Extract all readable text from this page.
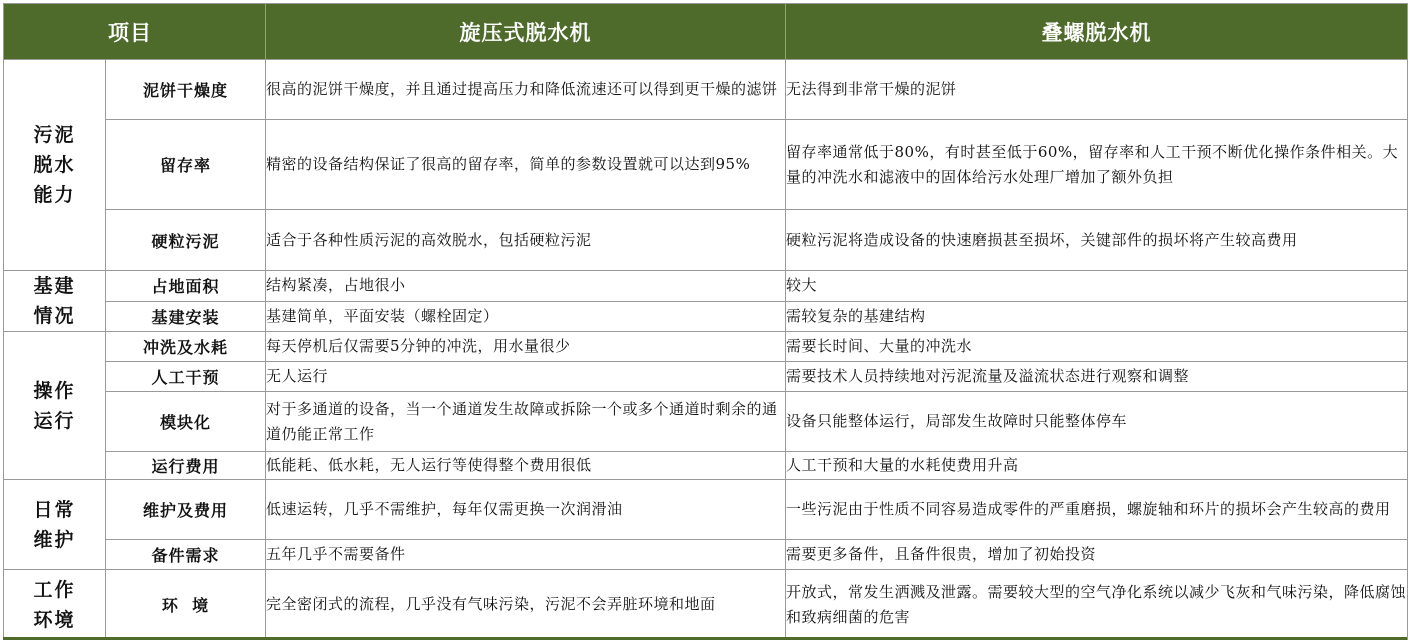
项目		旋压式脱水机	叠螺脱水机

污泥脱水能力	泥饼干燥度	很高的泥饼干燥度，并且通过提高压力和降低流速还可以得到更干燥的滤饼	无法得到非常干燥的泥饼
	留存率	精密的设备结构保证了很高的留存率，简单的参数设置就可以达到95%	留存率通常低于80%，有时甚至低于60%，留存率和人工干预不断优化操作条件相关。大量的冲洗水和滤液中的固体给污水处理厂增加了额外负担
	硬粒污泥	适合于各种性质污泥的高效脱水，包括硬粒污泥	硬粒污泥将造成设备的快速磨损甚至损坏，关键部件的损坏将产生较高费用

基建情况	占地面积	结构紧凑，占地很小	较大
	基建安装	基建简单，平面安装（螺栓固定）	需较复杂的基建结构

操作运行	冲洗及水耗	每天停机后仅需要5分钟的冲洗，用水量很少	需要长时间、大量的冲洗水
	人工干预	无人运行	需要技术人员持续地对污泥流量及溢流状态进行观察和调整
	模块化	对于多通道的设备，当一个通道发生故障或拆除一个或多个通道时剩余的通道仍能正常工作	设备只能整体运行，局部发生故障时只能整体停车
	运行费用	低能耗、低水耗，无人运行等使得整个费用很低	人工干预和大量的水耗使费用升高

日常维护	维护及费用	低速运转，几乎不需维护，每年仅需更换一次润滑油	一些污泥由于性质不同容易造成零件的严重磨损，螺旋轴和环片的损坏会产生较高的费用
	备件需求	五年几乎不需要备件	需要更多备件，且备件很贵，增加了初始投资

工作环境	环  境	完全密闭式的流程，几乎没有气味污染，污泥不会弄脏环境和地面	开放式，常发生洒溅及泄露。需要较大型的空气净化系统以减少飞灰和气味污染，降低腐蚀和致病细菌的危害
